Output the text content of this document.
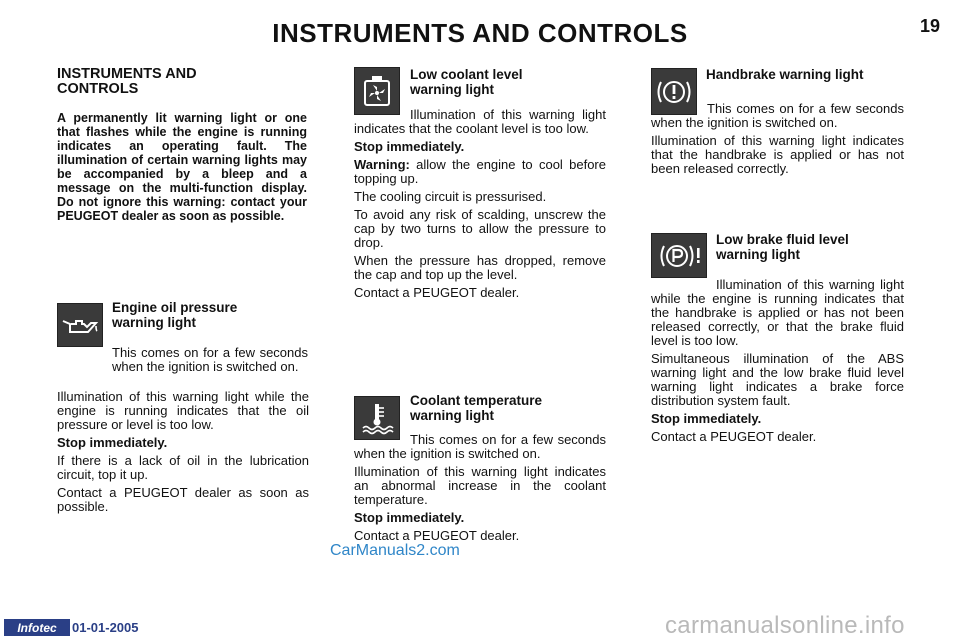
INSTRUMENTS AND CONTROLS	19
INSTRUMENTS AND CONTROLS

A permanently lit warning light or one that flashes while the engine is running indicates an operating fault. The illumination of certain warning lights may be accompanied by a bleep and a message on the multi-function display. Do not ignore this warning: contact your PEUGEOT dealer as soon as possible.

Engine oil pressure warning light

This comes on for a few seconds when the ignition is switched on.

Illumination of this warning light while the engine is running indicates that the oil pressure or level is too low.

Stop immediately.

If there is a lack of oil in the lubrication circuit, top it up.

Contact a PEUGEOT dealer as soon as possible.

Low coolant level warning light

Illumination of this warning light indicates that the coolant level is too low.

Stop immediately.

Warning: allow the engine to cool before topping up.

The cooling circuit is pressurised.

To avoid any risk of scalding, unscrew the cap by two turns to allow the pressure to drop.

When the pressure has dropped, remove the cap and top up the level.

Contact a PEUGEOT dealer.

Coolant temperature warning light

This comes on for a few seconds when the ignition is switched on.

Illumination of this warning light indicates an abnormal increase in the coolant temperature.

Stop immediately.

Contact a PEUGEOT dealer.

Handbrake warning light

This comes on for a few seconds when the ignition is switched on.

Illumination of this warning light indicates that the handbrake is applied or has not been released correctly.

Low brake fluid level warning light

Illumination of this warning light while the engine is running indicates that the handbrake is applied or has not been released correctly, or that the brake fluid level is too low.

Simultaneous illumination of the ABS warning light and the low brake fluid level warning light indicates a brake force distribution system fault.

Stop immediately.

Contact a PEUGEOT dealer.

CarManuals2.com
carmanualsonline.info
Infotec	01-01-2005
